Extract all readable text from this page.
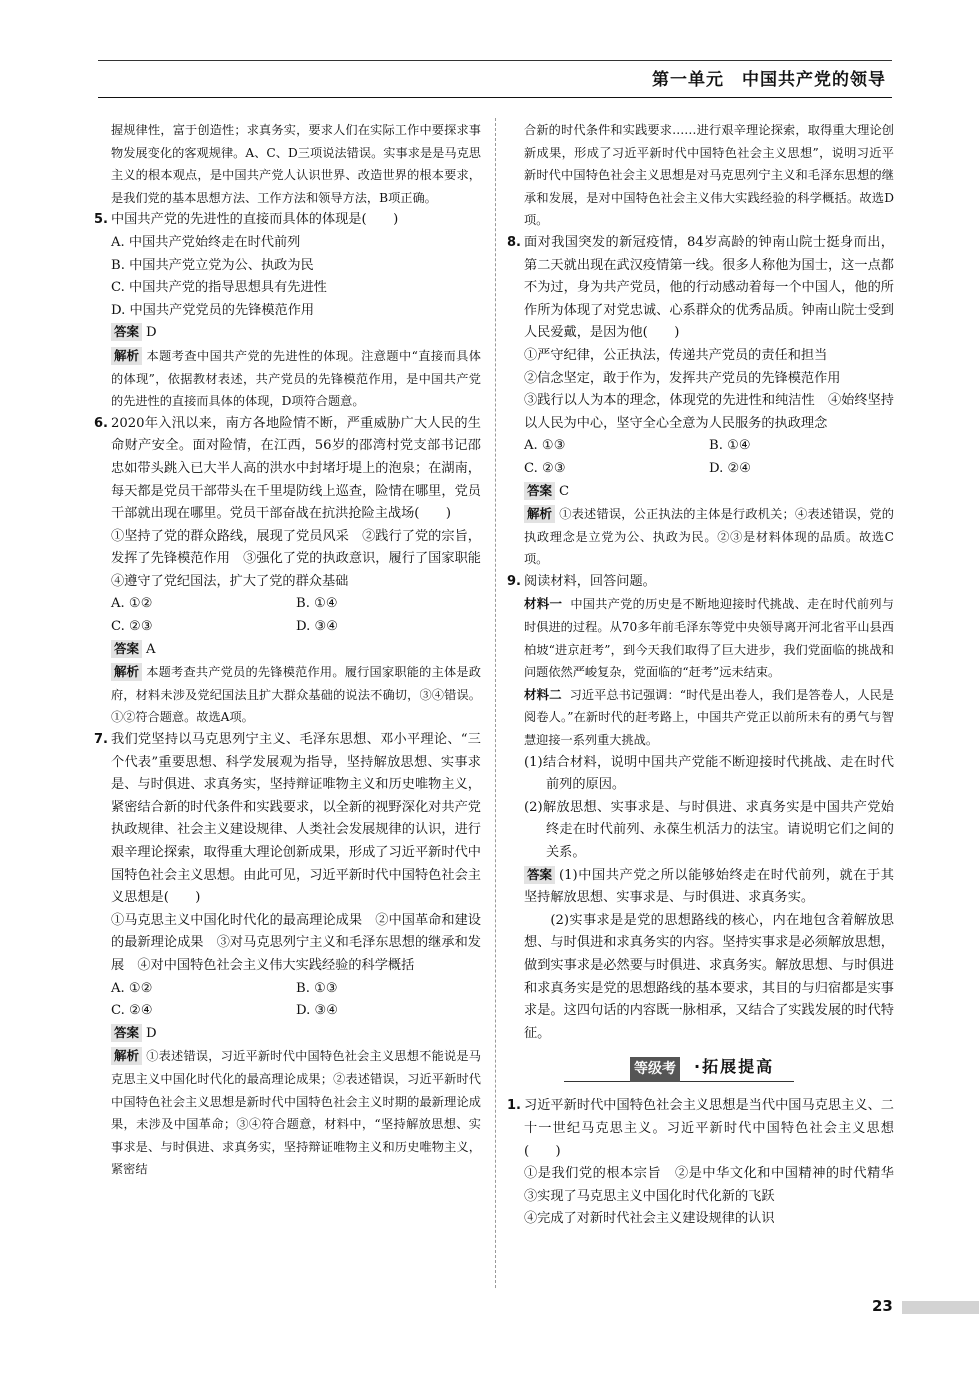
第一单元　中国共产党的领导

握规律性，富于创造性；求真务实，要求人们在实际工作中要探求事物发展变化的客观规律。A、C、D三项说法错误。实事求是是马克思主义的根本观点，是中国共产党人认识世界、改造世界的根本要求，是我们党的基本思想方法、工作方法和领导方法，B项正确。

5. 中国共产党的先进性的直接而具体的体现是(　　)

A. 中国共产党始终走在时代前列

B. 中国共产党立党为公、执政为民

C. 中国共产党的指导思想具有先进性

D. 中国共产党党员的先锋模范作用

答案 D

解析 本题考查中国共产党的先进性的体现。注意题中“直接而具体的体现”，依据教材表述，共产党员的先锋模范作用，是中国共产党的先进性的直接而具体的体现，D项符合题意。

6. 2020年入汛以来，南方各地险情不断，严重威胁广大人民的生命财产安全。面对险情，在江西，56岁的邵湾村党支部书记邵忠如带头跳入已大半人高的洪水中封堵圩堤上的泡泉；在湖南，每天都是党员干部带头在千里堤防线上巡查，险情在哪里，党员干部就出现在哪里。党员干部奋战在抗洪抢险主战场(　　)

①坚持了党的群众路线，展现了党员风采　②践行了党的宗旨，发挥了先锋模范作用　③强化了党的执政意识，履行了国家职能　④遵守了党纪国法，扩大了党的群众基础

A. ①②	B. ①④
C. ②③	D. ③④

答案 A

解析 本题考查共产党员的先锋模范作用。履行国家职能的主体是政府，材料未涉及党纪国法且扩大群众基础的说法不确切，③④错误。①②符合题意。故选A项。

7. 我们党坚持以马克思列宁主义、毛泽东思想、邓小平理论、“三个代表”重要思想、科学发展观为指导，坚持解放思想、实事求是、与时俱进、求真务实，坚持辩证唯物主义和历史唯物主义，紧密结合新的时代条件和实践要求，以全新的视野深化对共产党执政规律、社会主义建设规律、人类社会发展规律的认识，进行艰辛理论探索，取得重大理论创新成果，形成了习近平新时代中国特色社会主义思想。由此可见，习近平新时代中国特色社会主义思想是(　　)

①马克思主义中国化时代化的最高理论成果　②中国革命和建设的最新理论成果　③对马克思列宁主义和毛泽东思想的继承和发展　④对中国特色社会主义伟大实践经验的科学概括

A. ①②	B. ①③
C. ②④	D. ③④

答案 D

解析 ①表述错误，习近平新时代中国特色社会主义思想不能说是马克思主义中国化时代化的最高理论成果；②表述错误，习近平新时代中国特色社会主义思想是新时代中国特色社会主义时期的最新理论成果，未涉及中国革命；③④符合题意，材料中，“坚持解放思想、实事求是、与时俱进、求真务实，坚持辩证唯物主义和历史唯物主义，紧密结

合新的时代条件和实践要求……进行艰辛理论探索，取得重大理论创新成果，形成了习近平新时代中国特色社会主义思想”，说明习近平新时代中国特色社会主义思想是对马克思列宁主义和毛泽东思想的继承和发展，是对中国特色社会主义伟大实践经验的科学概括。故选D项。

8. 面对我国突发的新冠疫情，84岁高龄的钟南山院士挺身而出，第二天就出现在武汉疫情第一线。很多人称他为国士，这一点都不为过，身为共产党员，他的行动感动着每一个中国人，他的所作所为体现了对党忠诚、心系群众的优秀品质。钟南山院士受到人民爱戴，是因为他(　　)

①严守纪律，公正执法，传递共产党员的责任和担当

②信念坚定，敢于作为，发挥共产党员的先锋模范作用

③践行以人为本的理念，体现党的先进性和纯洁性　④始终坚持以人民为中心，坚守全心全意为人民服务的执政理念

A. ①③	B. ①④
C. ②③	D. ②④

答案 C

解析 ①表述错误，公正执法的主体是行政机关；④表述错误，党的执政理念是立党为公、执政为民。②③是材料体现的品质。故选C项。

9. 阅读材料，回答问题。

材料一 中国共产党的历史是不断地迎接时代挑战、走在时代前列与时俱进的过程。从70多年前毛泽东等党中央领导离开河北省平山县西柏坡“进京赶考”，到今天我们取得了巨大进步，我们党面临的挑战和问题依然严峻复杂，党面临的“赶考”远未结束。

材料二 习近平总书记强调：“时代是出卷人，我们是答卷人，人民是阅卷人。”在新时代的赶考路上，中国共产党正以前所未有的勇气与智慧迎接一系列重大挑战。

(1)结合材料，说明中国共产党能不断迎接时代挑战、走在时代前列的原因。

(2)解放思想、实事求是、与时俱进、求真务实是中国共产党始终走在时代前列、永葆生机活力的法宝。请说明它们之间的关系。

答案 (1)中国共产党之所以能够始终走在时代前列，就在于其坚持解放思想、实事求是、与时俱进、求真务实。

(2)实事求是是党的思想路线的核心，内在地包含着解放思想、与时俱进和求真务实的内容。坚持实事求是必须解放思想，做到实事求是必然要与时俱进、求真务实。解放思想、与时俱进和求真务实是党的思想路线的基本要求，其目的与归宿都是实事求是。这四句话的内容既一脉相承，又结合了实践发展的时代特征。

等级考 ·拓展提高
1. 习近平新时代中国特色社会主义思想是当代中国马克思主义、二十一世纪马克思主义。习近平新时代中国特色社会主义思想(　　)

①是我们党的根本宗旨　②是中华文化和中国精神的时代精华　③实现了马克思主义中国化时代化新的飞跃

④完成了对新时代社会主义建设规律的认识

23
